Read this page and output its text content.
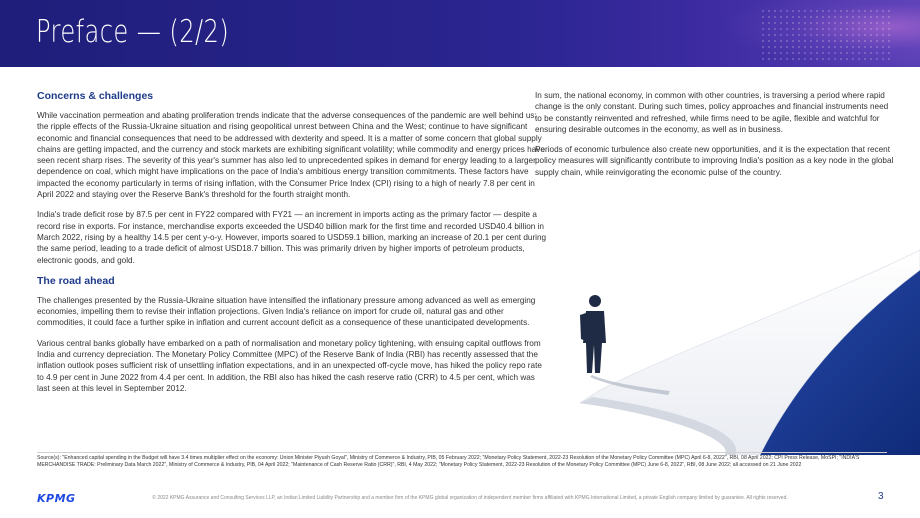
Preface — (2/2)
Concerns & challenges

While vaccination permeation and abating proliferation trends indicate that the adverse consequences of the pandemic are well behind us; the ripple effects of the Russia-Ukraine situation and rising geopolitical unrest between China and the West; continue to have significant economic and financial consequences that need to be addressed with dexterity and speed. It is a matter of some concern that global supply chains are getting impacted, and the currency and stock markets are exhibiting significant volatility; while commodity and energy prices have seen recent sharp rises. The severity of this year's summer has also led to unprecedented spikes in demand for energy leading to a larger dependence on coal, which might have implications on the pace of India's ambitious energy transition commitments. These factors have impacted the economy particularly in terms of rising inflation, with the Consumer Price Index (CPI) rising to a high of nearly 7.8 per cent in April 2022 and staying over the Reserve Bank's threshold for the fourth straight month.

India's trade deficit rose by 87.5 per cent in FY22 compared with FY21 — an increment in imports acting as the primary factor — despite a record rise in exports. For instance, merchandise exports exceeded the USD40 billion mark for the first time and recorded USD40.4 billion in March 2022, rising by a healthy 14.5 per cent y-o-y. However, imports soared to USD59.1 billion, marking an increase of 20.1 per cent during the same period, leading to a trade deficit of almost USD18.7 billion. This was primarily driven by higher imports of petroleum products, electronic goods, and gold.

The road ahead

The challenges presented by the Russia-Ukraine situation have intensified the inflationary pressure among advanced as well as emerging economies, impelling them to revise their inflation projections. Given India's reliance on import for crude oil, natural gas and other commodities, it could face a further spike in inflation and current account deficit as a consequence of these unanticipated developments.

Various central banks globally have embarked on a path of normalisation and monetary policy tightening, with ensuing capital outflows from India and currency depreciation. The Monetary Policy Committee (MPC) of the Reserve Bank of India (RBI) has recently assessed that the inflation outlook poses sufficient risk of unsettling inflation expectations, and in an unexpected off-cycle move, has hiked the policy repo rate to 4.9 per cent in June 2022 from 4.4 per cent. In addition, the RBI also has hiked the cash reserve ratio (CRR) to 4.5 per cent, which was last seen at this level in September 2012.

In sum, the national economy, in common with other countries, is traversing a period where rapid change is the only constant. During such times, policy approaches and financial instruments need to be constantly reinvented and refreshed, while firms need to be agile, flexible and watchful for ensuring desirable outcomes in the economy, as well as in business.

Periods of economic turbulence also create new opportunities, and it is the expectation that recent policy measures will significantly contribute to improving India's position as a key node in the global supply chain, while reinvigorating the economic pulse of the country.

Source(s): "Enhanced capital spending in the Budget will have 3.4 times multiplier effect on the economy: Union Minister Piyush Goyal", Ministry of Commerce & Industry, PIB, 05 February 2022; "Monetary Policy Statement, 2022-23 Resolution of the Monetary Policy Committee (MPC) April 6-8, 2022", RBI, 08 April 2022; CPI Press Release, MoSPI; "INDIA'S MERCHANDISE TRADE: Preliminary Data March 2022", Ministry of Commerce & Industry, PIB, 04 April 2022; "Maintenance of Cash Reserve Ratio (CRR)", RBI, 4 May 2022; "Monetary Policy Statement, 2022-23 Resolution of the Monetary Policy Committee (MPC) June 6-8, 2022", RBI, 08 June 2022; all accessed on 21 June 2022
KPMG	© 2022 KPMG Assurance and Consulting Services LLP, an Indian Limited Liability Partnership and a member firm of the KPMG global organization of independent member firms affiliated with KPMG International Limited, a private English company limited by guarantee. All rights reserved.	3
